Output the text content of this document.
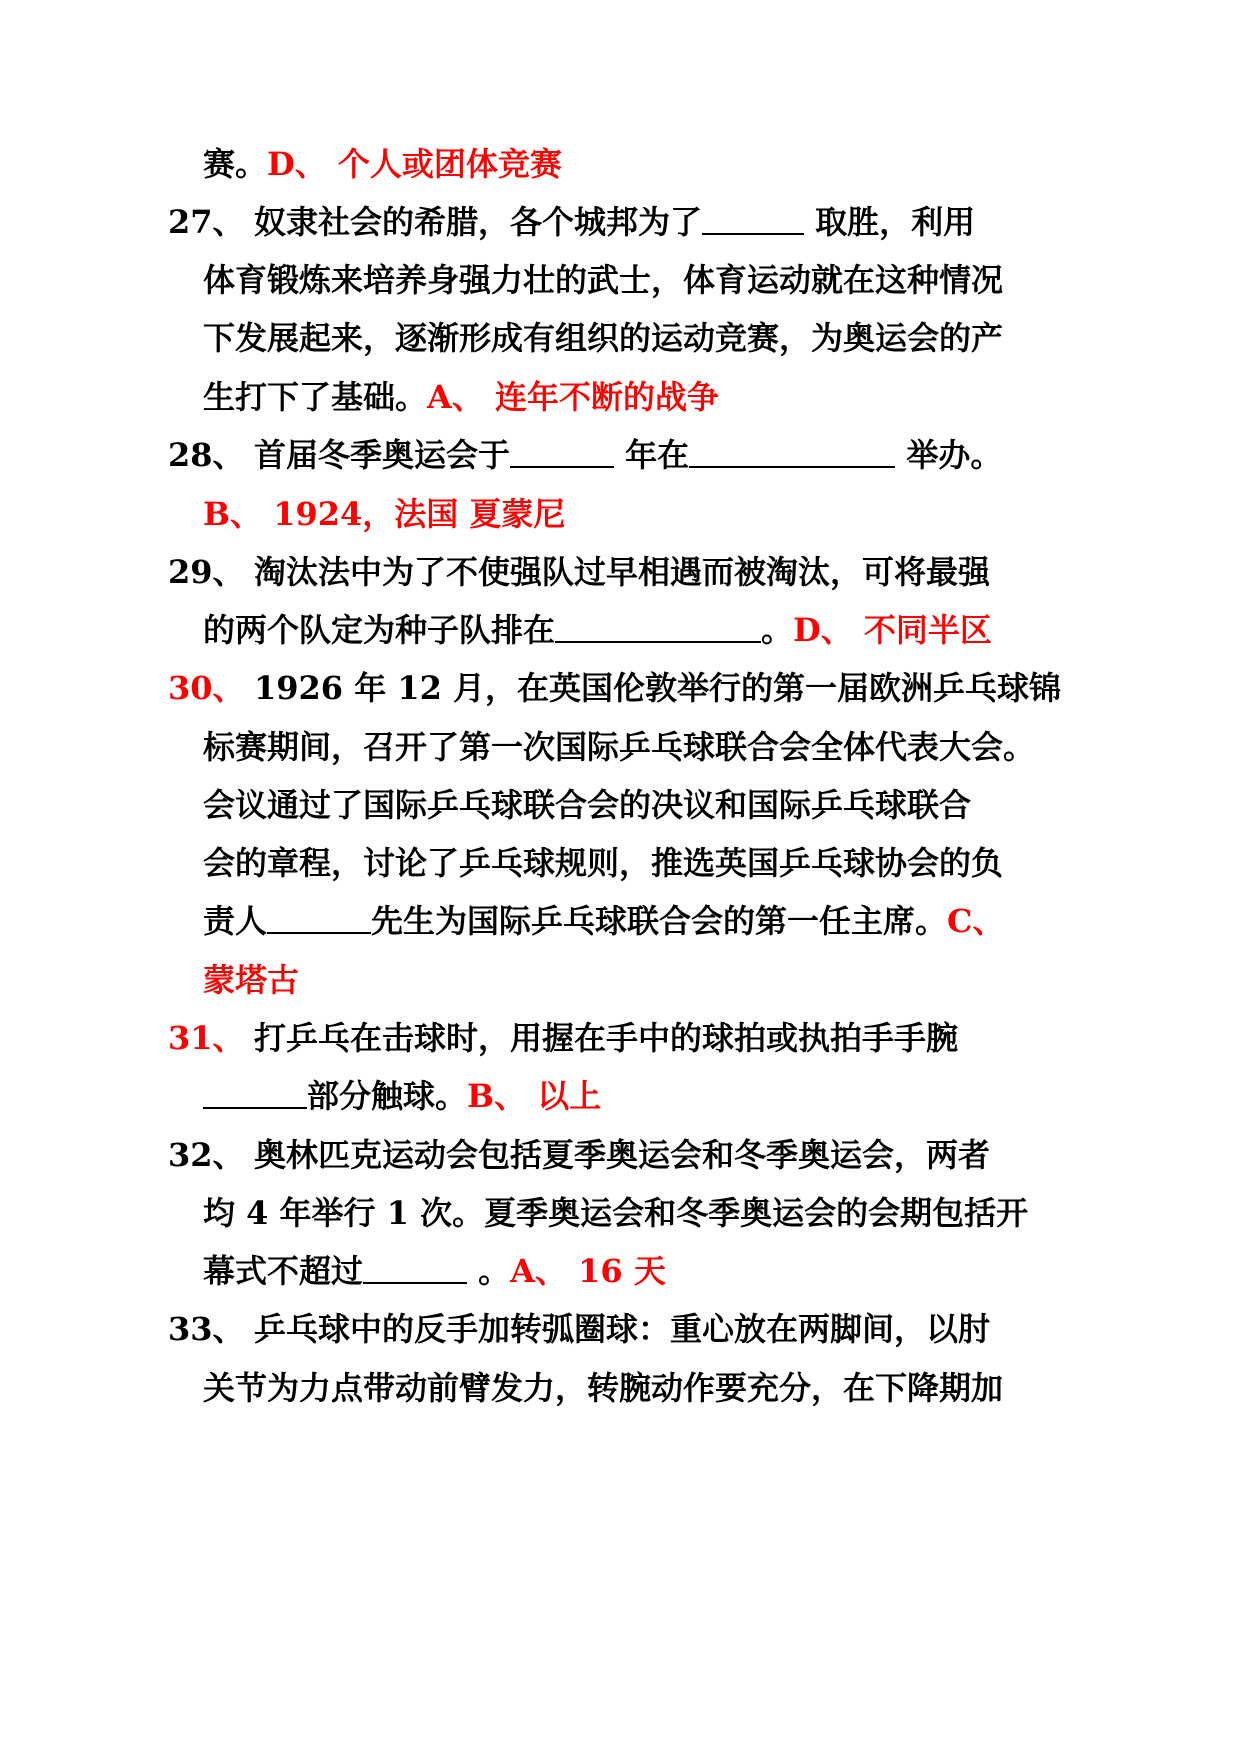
赛。D、 个人或团体竞赛
27、 奴隶社会的希腊，各个城邦为了	取胜，利用
体育锻炼来培养身强力壮的武士，体育运动就在这种情况
下发展起来，逐渐形成有组织的运动竞赛，为奥运会的产
生打下了基础。A、 连年不断的战争
28、 首届冬季奥运会于	年在	举办。
B、 1924，法国 夏蒙尼
29、 淘汰法中为了不使强队过早相遇而被淘汰，可将最强
的两个队定为种子队排在	。D、 不同半区
30、 1926 年 12 月，在英国伦敦举行的第一届欧洲乒乓球锦
标赛期间，召开了第一次国际乒乓球联合会全体代表大会。
会议通过了国际乒乓球联合会的决议和国际乒乓球联合
会的章程，讨论了乒乓球规则，推选英国乒乓球协会的负
责人	先生为国际乒乓球联合会的第一任主席。C、
蒙塔古
31、 打乒乓在击球时，用握在手中的球拍或执拍手手腕
部分触球。B、 以上
32、 奥林匹克运动会包括夏季奥运会和冬季奥运会，两者
均 4 年举行 1 次。夏季奥运会和冬季奥运会的会期包括开
幕式不超过	。A、 16 天
33、 乒乓球中的反手加转弧圈球：重心放在两脚间，以肘
关节为力点带动前臂发力，转腕动作要充分，在下降期加
